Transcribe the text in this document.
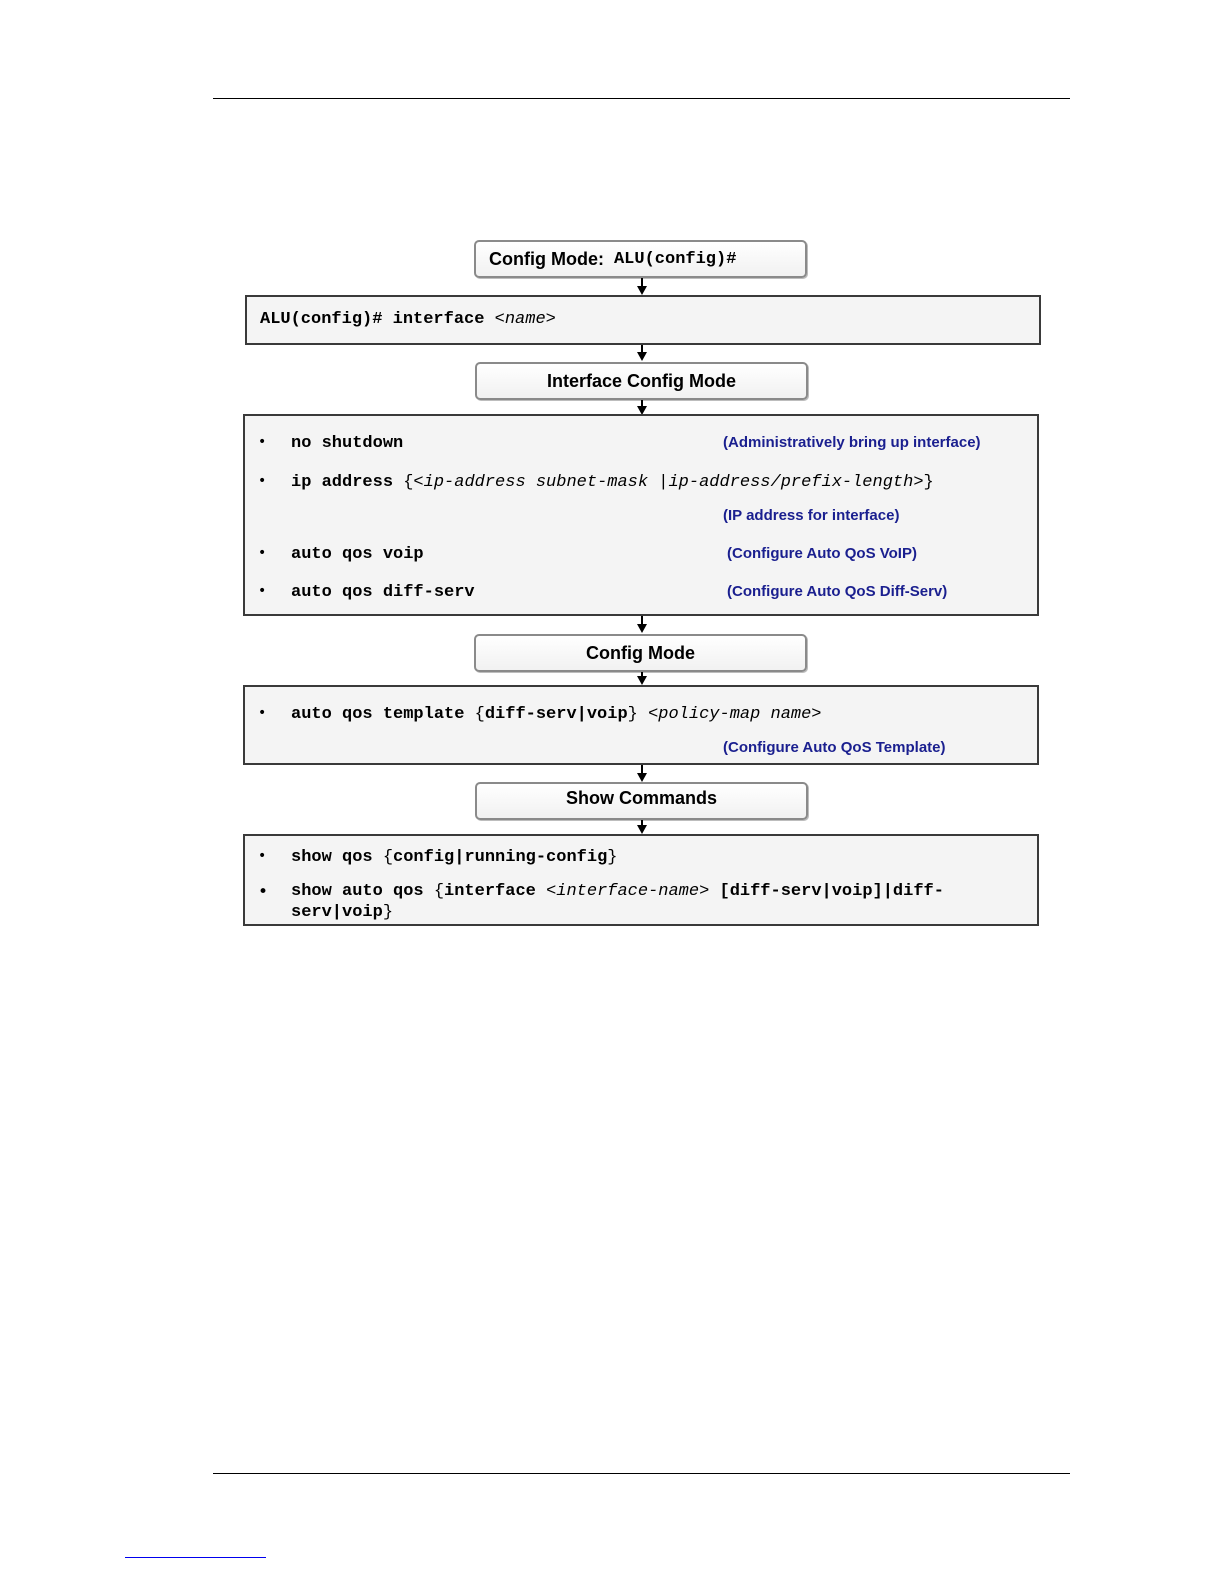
Config Mode: ALU(config)#
ALU(config)# interface <name>
Interface Config Mode
• no shutdown	(Administratively bring up interface)
• ip address {<ip-address subnet-mask |ip-address/prefix-length>}
(IP address for interface)
• auto qos voip	(Configure Auto QoS VoIP)
• auto qos diff-serv	(Configure Auto QoS Diff-Serv)
Config Mode
• auto qos template {diff-serv|voip} <policy-map name>
(Configure Auto QoS Template)
Show Commands
• show qos {config|running-config}
• show auto qos {interface <interface-name> [diff-serv|voip]|diff-
serv|voip}
